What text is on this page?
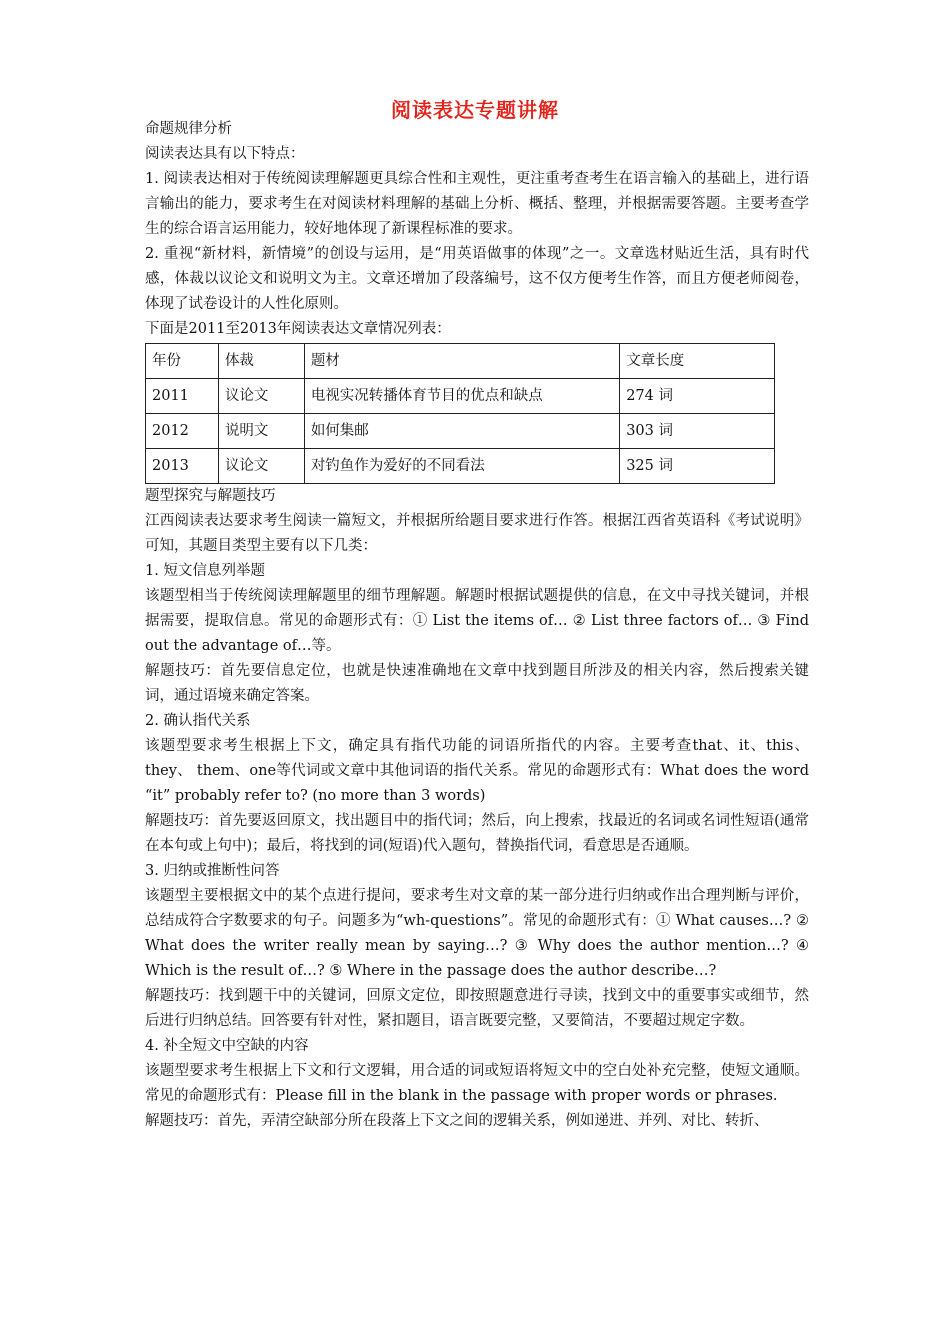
阅读表达专题讲解

命题规律分析

阅读表达具有以下特点：

1. 阅读表达相对于传统阅读理解题更具综合性和主观性，更注重考查考生在语言输入的基础上，进行语言输出的能力，要求考生在对阅读材料理解的基础上分析、概括、整理，并根据需要答题。主要考查学生的综合语言运用能力，较好地体现了新课程标准的要求。

2. 重视“新材料，新情境”的创设与运用，是“用英语做事的体现”之一。文章选材贴近生活，具有时代感，体裁以议论文和说明文为主。文章还增加了段落编号，这不仅方便考生作答，而且方便老师阅卷，体现了试卷设计的人性化原则。

下面是2011至2013年阅读表达文章情况列表：

年份	体裁	题材	文章长度
2011	议论文	电视实况转播体育节目的优点和缺点	274 词
2012	说明文	如何集邮	303 词
2013	议论文	对钓鱼作为爱好的不同看法	325 词

题型探究与解题技巧

江西阅读表达要求考生阅读一篇短文，并根据所给题目要求进行作答。根据江西省英语科《考试说明》可知，其题目类型主要有以下几类：

1. 短文信息列举题

该题型相当于传统阅读理解题里的细节理解题。解题时根据试题提供的信息，在文中寻找关键词，并根据需要，提取信息。常见的命题形式有：① List the items of… ② List three factors of… ③ Find out the advantage of…等。

解题技巧：首先要信息定位，也就是快速准确地在文章中找到题目所涉及的相关内容，然后搜索关键词，通过语境来确定答案。

2. 确认指代关系

该题型要求考生根据上下文，确定具有指代功能的词语所指代的内容。主要考查that、it、this、they、 them、one等代词或文章中其他词语的指代关系。常见的命题形式有：What does the word “it” probably refer to? (no more than 3 words)

解题技巧：首先要返回原文，找出题目中的指代词；然后，向上搜索，找最近的名词或名词性短语(通常在本句或上句中)；最后，将找到的词(短语)代入题句，替换指代词，看意思是否通顺。

3. 归纳或推断性问答

该题型主要根据文中的某个点进行提问，要求考生对文章的某一部分进行归纳或作出合理判断与评价，总结成符合字数要求的句子。问题多为“wh-questions”。常见的命题形式有：① What causes…? ② What does the writer really mean by saying…? ③ Why does the author mention…? ④ Which is the result of…? ⑤ Where in the passage does the author describe…?

解题技巧：找到题干中的关键词，回原文定位，即按照题意进行寻读，找到文中的重要事实或细节，然后进行归纳总结。回答要有针对性，紧扣题目，语言既要完整，又要简洁，不要超过规定字数。

4. 补全短文中空缺的内容

该题型要求考生根据上下文和行文逻辑，用合适的词或短语将短文中的空白处补充完整，使短文通顺。常见的命题形式有：Please fill in the blank in the passage with proper words or phrases.

解题技巧：首先，弄清空缺部分所在段落上下文之间的逻辑关系，例如递进、并列、对比、转折、
